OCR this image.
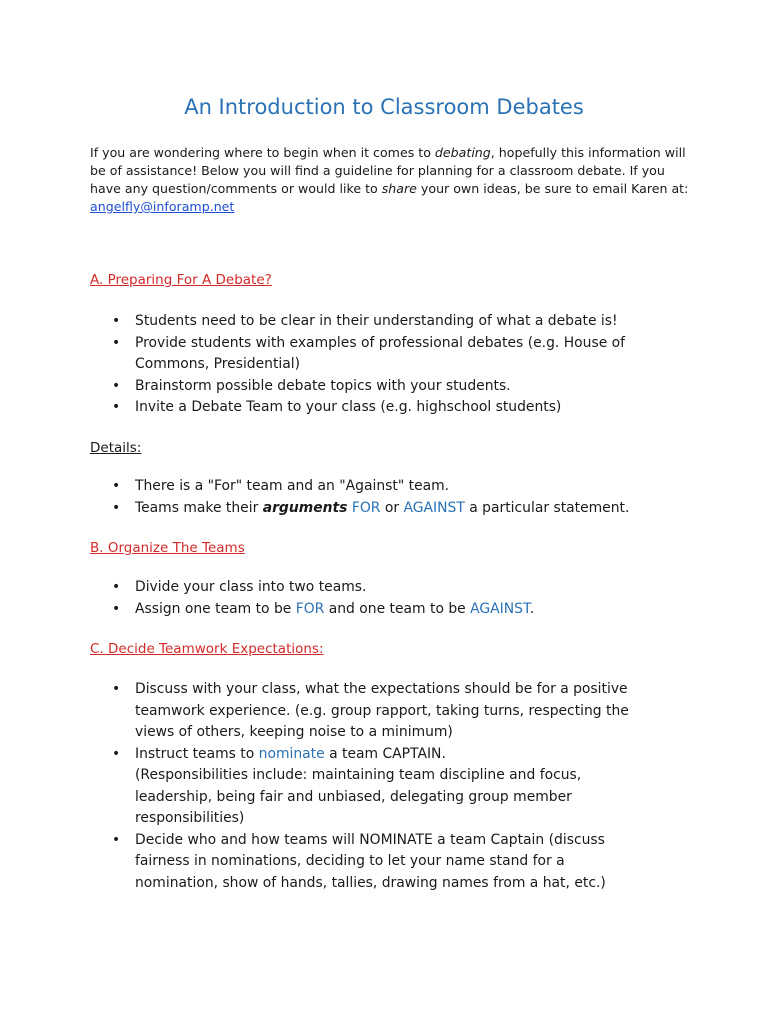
An Introduction to Classroom Debates

If you are wondering where to begin when it comes to debating, hopefully this information will be of assistance! Below you will find a guideline for planning for a classroom debate. If you have any question/comments or would like to share your own ideas, be sure to email Karen at: angelfly@inforamp.net

A. Preparing For A Debate?
• Students need to be clear in their understanding of what a debate is!
• Provide students with examples of professional debates (e.g. House of Commons, Presidential)
• Brainstorm possible debate topics with your students.
• Invite a Debate Team to your class (e.g. highschool students)
Details:
• There is a "For" team and an "Against" team.
• Teams make their arguments FOR or AGAINST a particular statement.
B. Organize The Teams
• Divide your class into two teams.
• Assign one team to be FOR and one team to be AGAINST.
C. Decide Teamwork Expectations:
• Discuss with your class, what the expectations should be for a positive teamwork experience. (e.g. group rapport, taking turns, respecting the views of others, keeping noise to a minimum)
• Instruct teams to nominate a team CAPTAIN.
(Responsibilities include: maintaining team discipline and focus, leadership, being fair and unbiased, delegating group member responsibilities)
• Decide who and how teams will NOMINATE a team Captain (discuss fairness in nominations, deciding to let your name stand for a nomination, show of hands, tallies, drawing names from a hat, etc.)
